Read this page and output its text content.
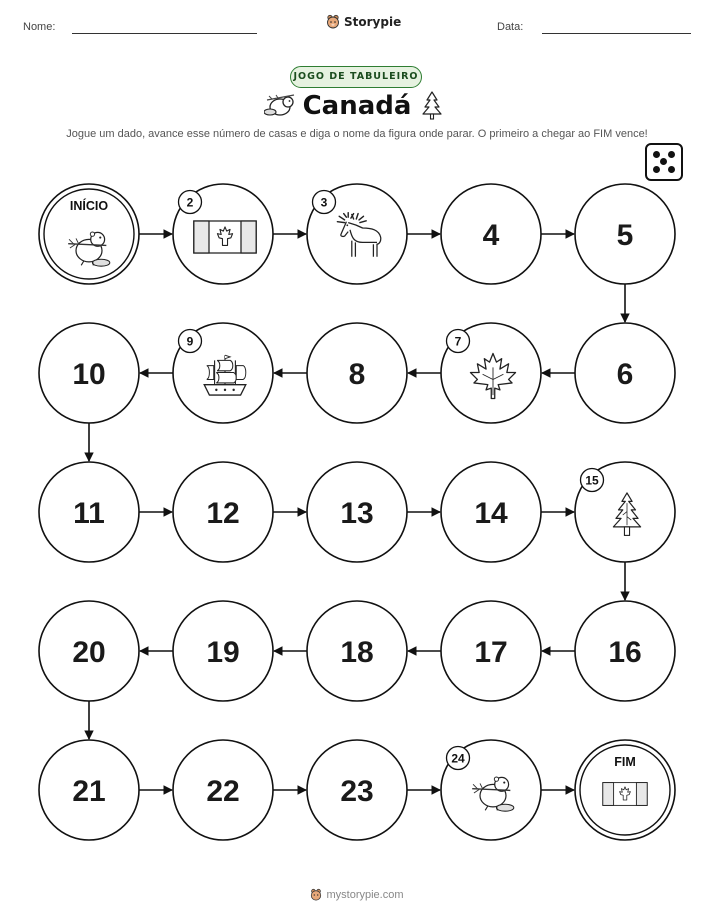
Nome:	Storypie	Data:
JOGO DE TABULEIRO
Canadá
Jogue um dado, avance esse número de casas e diga o nome da figura onde parar. O primeiro a chegar ao FIM vence!
INÍCIO	2	3
4	5
6
7
8
9
10
11	12	13	14
15
16
17
18
19
20
21	22	23
24	FIM
mystorypie.com
